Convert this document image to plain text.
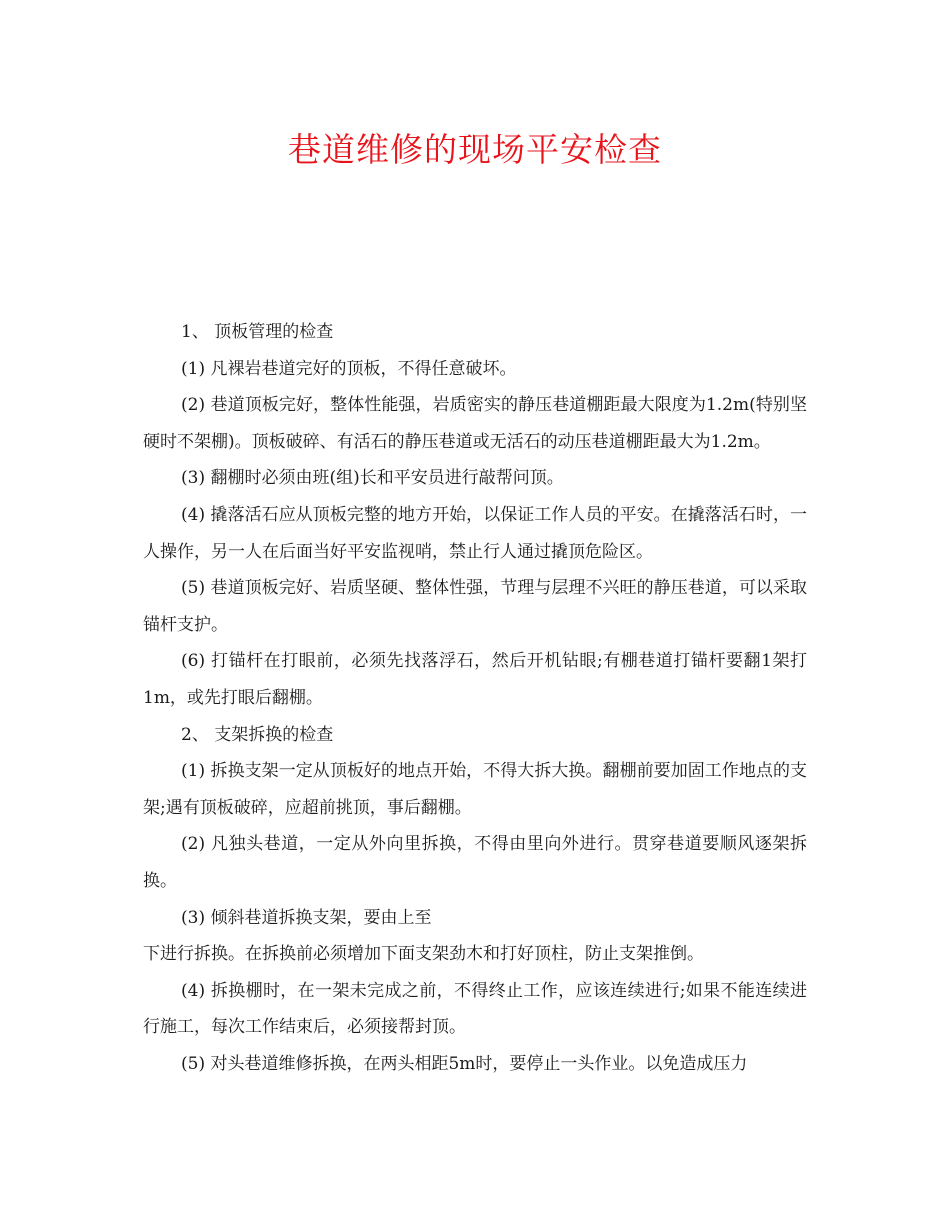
巷道维修的现场平安检查

1、 顶板管理的检查

(1) 凡裸岩巷道完好的顶板，不得任意破坏。

(2) 巷道顶板完好，整体性能强，岩质密实的静压巷道棚距最大限度为1.2m(特别坚硬时不架棚)。顶板破碎、有活石的静压巷道或无活石的动压巷道棚距最大为1.2m。

(3) 翻棚时必须由班(组)长和平安员进行敲帮问顶。

(4) 撬落活石应从顶板完整的地方开始，以保证工作人员的平安。在撬落活石时，一人操作，另一人在后面当好平安监视哨，禁止行人通过撬顶危险区。

(5) 巷道顶板完好、岩质坚硬、整体性强，节理与层理不兴旺的静压巷道，可以采取锚杆支护。

(6) 打锚杆在打眼前，必须先找落浮石，然后开机钻眼;有棚巷道打锚杆要翻1架打1m，或先打眼后翻棚。

2、 支架拆换的检查

(1) 拆换支架一定从顶板好的地点开始，不得大拆大换。翻棚前要加固工作地点的支架;遇有顶板破碎，应超前挑顶，事后翻棚。

(2) 凡独头巷道，一定从外向里拆换，不得由里向外进行。贯穿巷道要顺风逐架拆换。

(3) 倾斜巷道拆换支架，要由上至

下进行拆换。在拆换前必须增加下面支架劲木和打好顶柱，防止支架推倒。

(4) 拆换棚时，在一架未完成之前，不得终止工作，应该连续进行;如果不能连续进行施工，每次工作结束后，必须接帮封顶。

(5) 对头巷道维修拆换，在两头相距5m时，要停止一头作业。以免造成压力
